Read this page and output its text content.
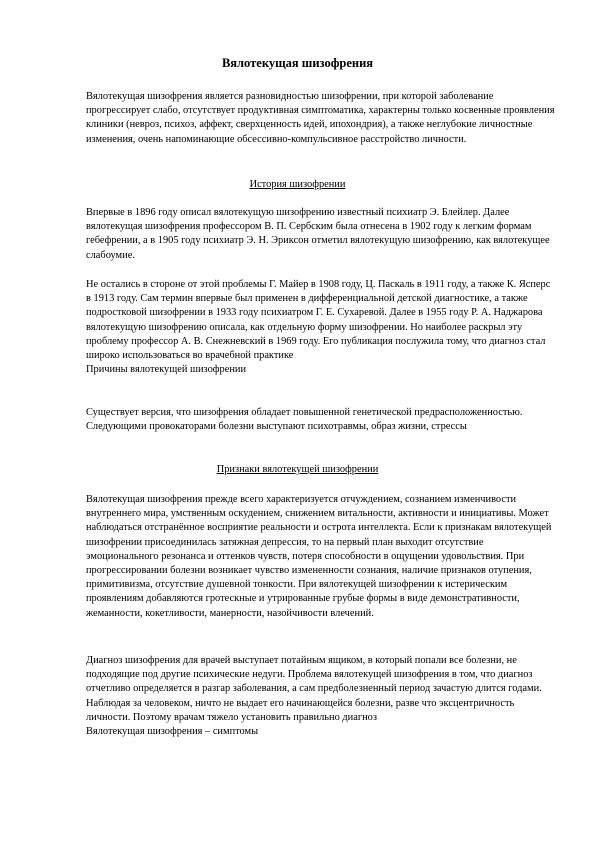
Вялотекущая шизофрения

Вялотекущая шизофрения является разновидностью шизофрении, при которой заболевание прогрессирует слабо, отсутствует продуктивная симптоматика, характерны только косвенные проявления клиники (невроз, психоз, аффект, сверхценность идей, ипохондрия), а также неглубокие личностные изменения, очень напоминающие обсессивно-компульсивное расстройство личности.

История шизофрении

Впервые в 1896 году описал вялотекущую шизофрению известный психиатр Э. Блейлер. Далее вялотекущая шизофрения профессором В. П. Сербским была отнесена в 1902 году к легким формам гебефрении, а в 1905 году психиатр Э. Н. Эриксон отметил вялотекущую шизофрению, как вялотекущее слабоумие.

Не остались в стороне от этой проблемы Г. Майер в 1908 году, Ц. Паскаль в 1911 году, а также К. Ясперс в 1913 году. Сам термин впервые был применен в дифференциальной детской диагностике, а также подростковой шизофрении в 1933 году психиатром Г. Е. Сухаревой. Далее в 1955 году Р. А. Наджарова вялотекущую шизофрению описала, как отдельную форму шизофрении. Но наиболее раскрыл эту проблему профессор А. В. Снежневский в 1969 году. Его публикация послужила тому, что диагноз стал широко использоваться во врачебной практике

Причины вялотекущей шизофрении

Существует версия, что шизофрения обладает повышенной генетической предрасположенностью. Следующими провокаторами болезни выступают психотравмы, образ жизни, стрессы

Признаки вялотекущей шизофрении

Вялотекущая шизофрения прежде всего характеризуется отчуждением, сознанием изменчивости внутреннего мира, умственным оскудением, снижением витальности, активности и инициативы. Может наблюдаться отстранённое восприятие реальности и острота интеллекта. Если к признакам вялотекущей шизофрении присоединилась затяжная депрессия, то на первый план выходит отсутствие эмоционального резонанса и оттенков чувств, потеря способности в ощущении удовольствия. При прогрессировании болезни возникает чувство измененности сознания, наличие признаков отупения, примитивизма, отсутствие душевной тонкости. При вялотекущей шизофрении к истерическим проявлениям добавляются гротескные и утрированные грубые формы в виде демонстративности, жеманности, кокетливости, манерности, назойчивости влечений.

Диагноз шизофрения для врачей выступает потайным ящиком, в который попали все болезни, не подходящие под другие психические недуги. Проблема вялотекущей шизофрения в том, что диагноз отчетливо определяется в разгар заболевания, а сам предболезненный период зачастую длится годами. Наблюдая за человеком, ничто не выдает его начинающейся болезни, разве что эксцентричность личности. Поэтому врачам тяжело установить правильно диагноз

Вялотекущая шизофрения – симптомы
